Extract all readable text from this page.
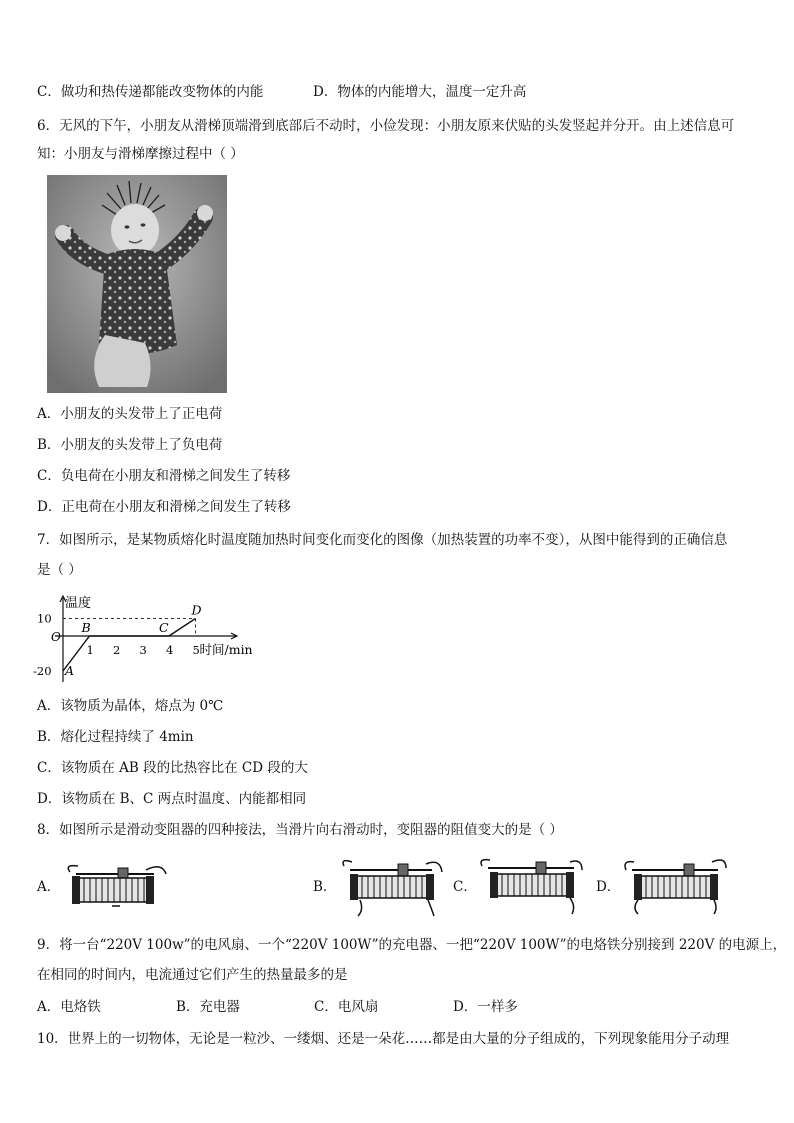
C．做功和热传递都能改变物体的内能	D．物体的内能增大，温度一定升高
6．无风的下午，小朋友从滑梯顶端滑到底部后不动时，小俭发现：小朋友原来伏贴的头发竖起并分开。由上述信息可
知：小朋友与滑梯摩擦过程中（ ）
A．小朋友的头发带上了正电荷
B．小朋友的头发带上了负电荷
C．负电荷在小朋友和滑梯之间发生了转移
D．正电荷在小朋友和滑梯之间发生了转移
7．如图所示，是某物质熔化时温度随加热时间变化而变化的图像（加热装置的功率不变），从图中能得到的正确信息
是（ ）
温度
时间/min
O
1 2 3 4 5
10
-20 A
B	C
D
A．该物质为晶体，熔点为 0℃
B．熔化过程持续了 4min
C．该物质在 AB 段的比热容比在 CD 段的大
D．该物质在 B、C 两点时温度、内能都相同
8．如图所示是滑动变阻器的四种接法，当滑片向右滑动时，变阻器的阻值变大的是（ ）
A．	B．	C．	D．
9．将一台“220V 100w”的电风扇、一个“220V 100W”的充电器、一把“220V 100W”的电烙铁分别接到 220V 的电源上，
在相同的时间内，电流通过它们产生的热量最多的是
A．电烙铁	B．充电器	C．电风扇	D．一样多
10．世界上的一切物体，无论是一粒沙、一缕烟、还是一朵花……都是由大量的分子组成的，下列现象能用分子动理
